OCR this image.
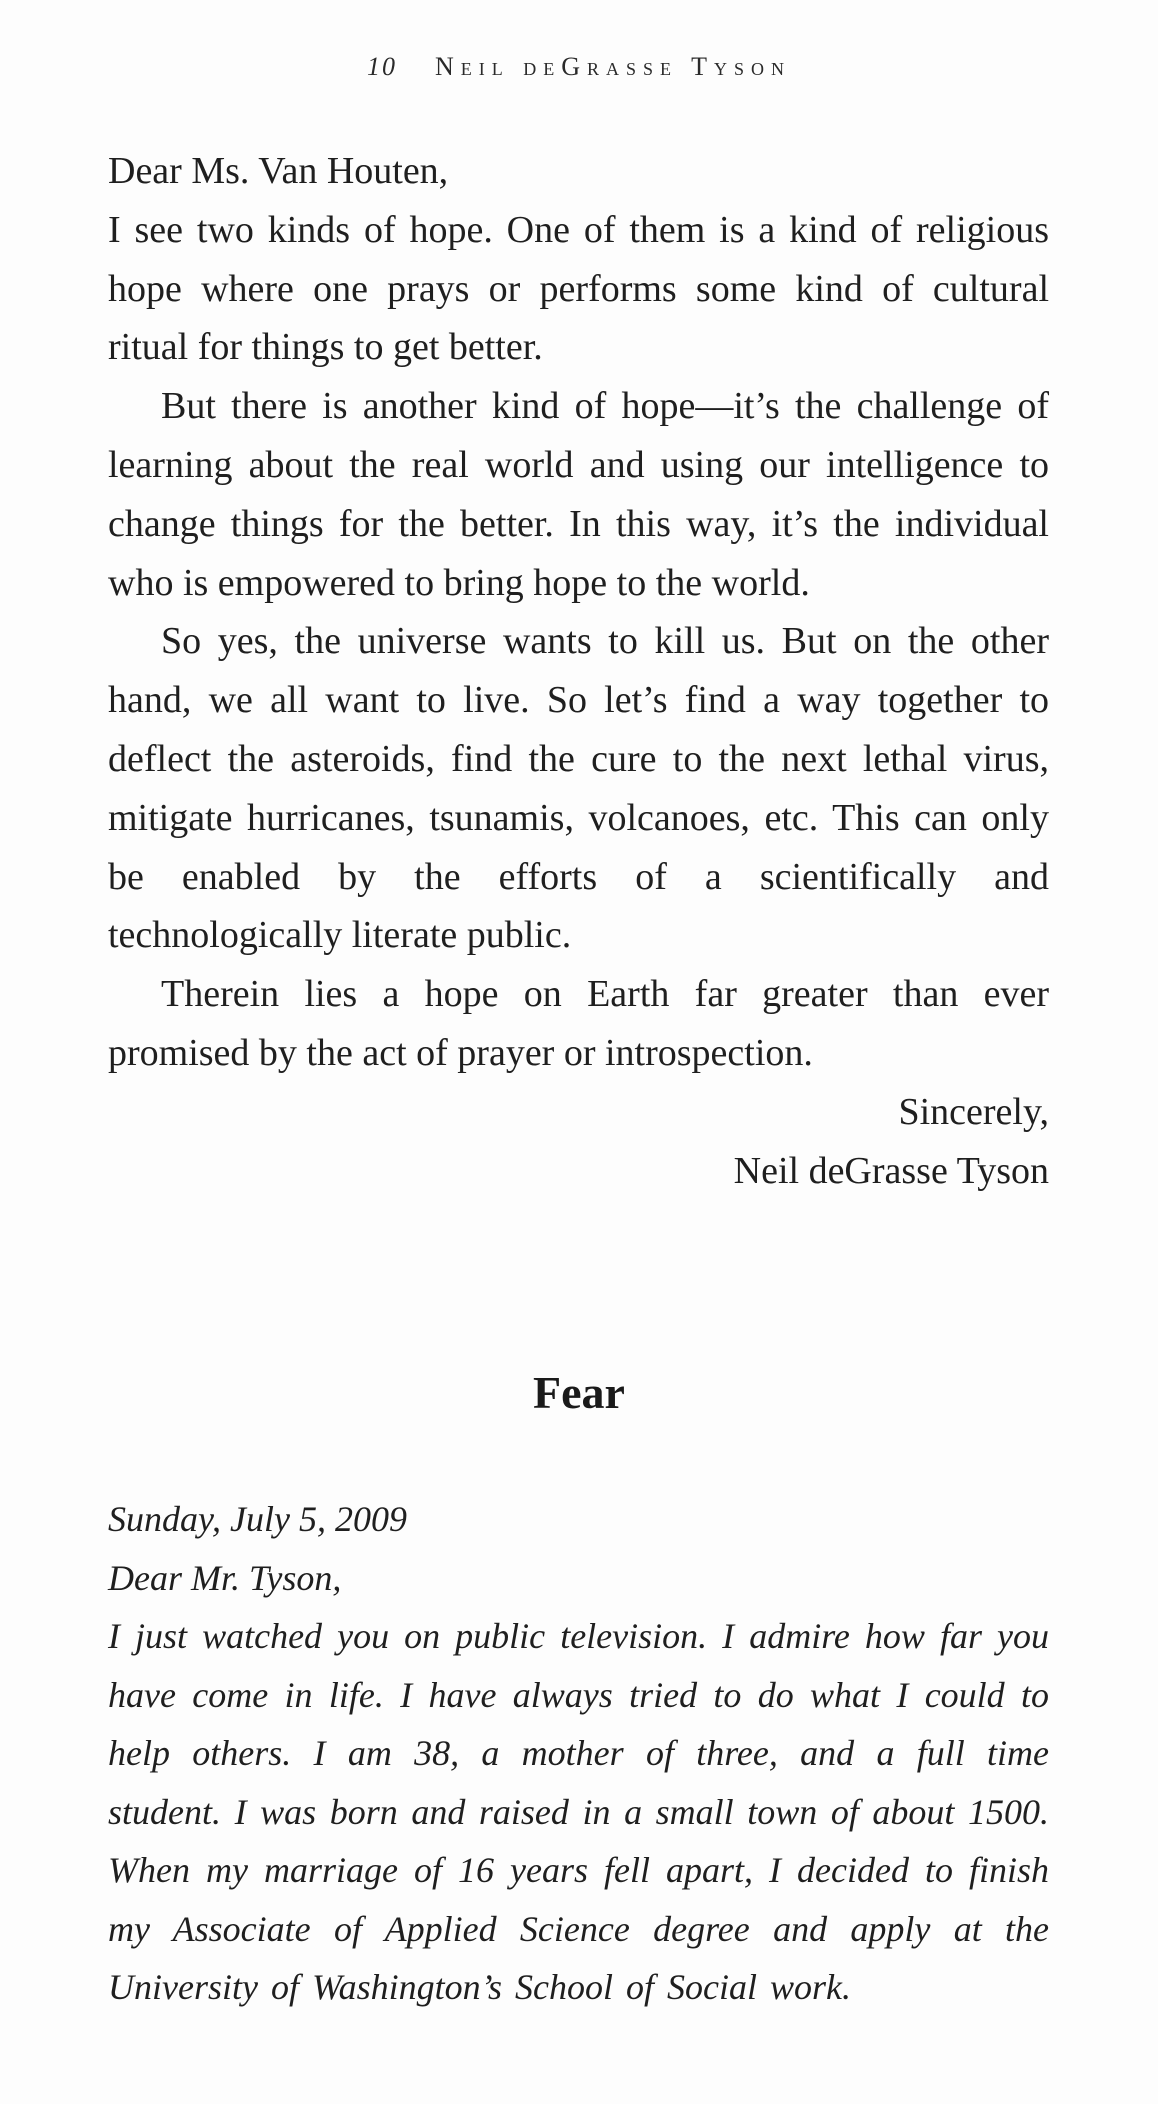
10 Neil deGrasse Tyson

Dear Ms. Van Houten,

I see two kinds of hope. One of them is a kind of religious hope where one prays or performs some kind of cultural ritual for things to get better.

But there is another kind of hope—it’s the challenge of learning about the real world and using our intelligence to change things for the better. In this way, it’s the individual who is empowered to bring hope to the world.

So yes, the universe wants to kill us. But on the other hand, we all want to live. So let’s find a way together to deflect the asteroids, find the cure to the next lethal virus, mitigate hurricanes, tsunamis, volcanoes, etc. This can only be enabled by the efforts of a scientifically and technologically literate public.

Therein lies a hope on Earth far greater than ever promised by the act of prayer or introspection.

Sincerely,

Neil deGrasse Tyson

Fear

Sunday, July 5, 2009

Dear Mr. Tyson,

I just watched you on public television. I admire how far you have come in life. I have always tried to do what I could to help others. I am 38, a mother of three, and a full time student. I was born and raised in a small town of about 1500. When my marriage of 16 years fell apart, I decided to finish my Associate of Applied Science degree and apply at the University of Washington’s School of Social work.
